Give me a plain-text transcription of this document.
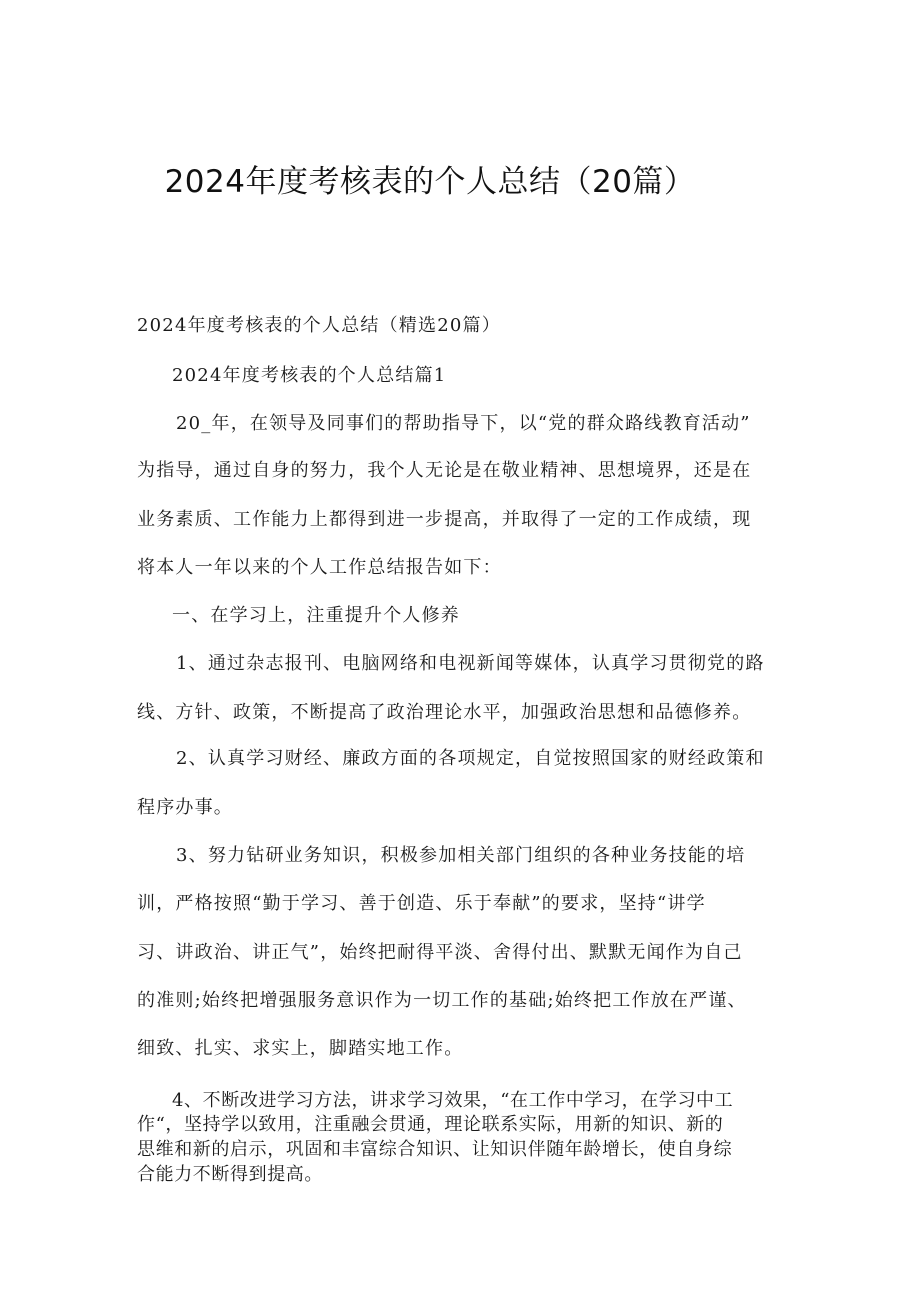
2024年度考核表的个人总结（20篇）
2024年度考核表的个人总结（精选20篇）
2024年度考核表的个人总结篇1
20_年，在领导及同事们的帮助指导下，以“党的群众路线教育活动”
为指导，通过自身的努力，我个人无论是在敬业精神、思想境界，还是在
业务素质、工作能力上都得到进一步提高，并取得了一定的工作成绩，现
将本人一年以来的个人工作总结报告如下：
一、在学习上，注重提升个人修养
1、通过杂志报刊、电脑网络和电视新闻等媒体，认真学习贯彻党的路
线、方针、政策，不断提高了政治理论水平，加强政治思想和品德修养。
2、认真学习财经、廉政方面的各项规定，自觉按照国家的财经政策和
程序办事。
3、努力钻研业务知识，积极参加相关部门组织的各种业务技能的培
训，严格按照“勤于学习、善于创造、乐于奉献”的要求，坚持“讲学
习、讲政治、讲正气”，始终把耐得平淡、舍得付出、默默无闻作为自己
的准则;始终把增强服务意识作为一切工作的基础;始终把工作放在严谨、
细致、扎实、求实上，脚踏实地工作。
4、不断改进学习方法，讲求学习效果，“在工作中学习，在学习中工
作“，坚持学以致用，注重融会贯通，理论联系实际，用新的知识、新的
思维和新的启示，巩固和丰富综合知识、让知识伴随年龄增长，使自身综
合能力不断得到提高。
